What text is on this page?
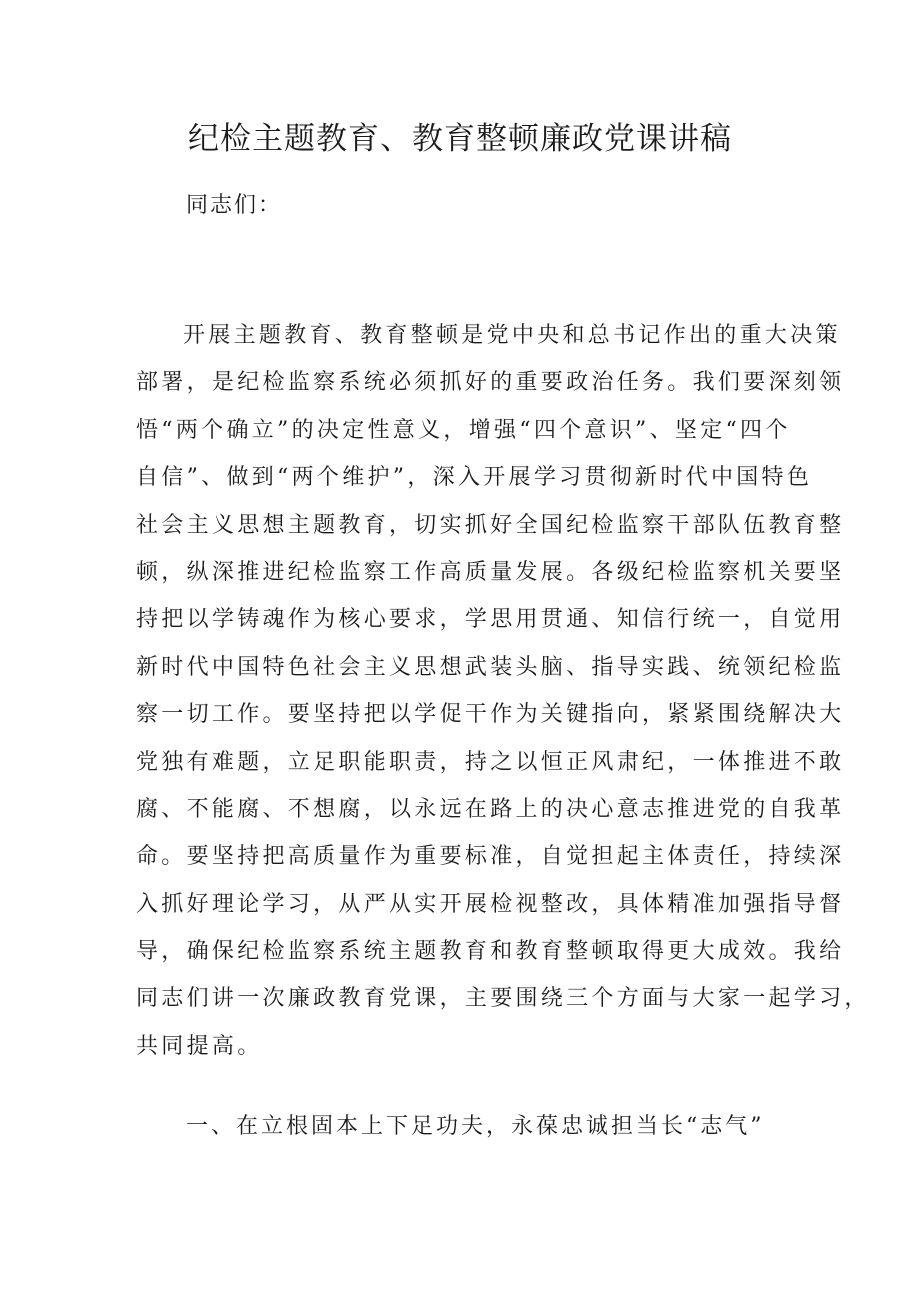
纪检主题教育、教育整顿廉政党课讲稿

同志们：

开展主题教育、教育整顿是党中央和总书记作出的重大决策
部署，是纪检监察系统必须抓好的重要政治任务。我们要深刻领
悟“两个确立”的决定性意义，增强“四个意识”、坚定“四个
自信”、做到“两个维护”，深入开展学习贯彻新时代中国特色
社会主义思想主题教育，切实抓好全国纪检监察干部队伍教育整
顿，纵深推进纪检监察工作高质量发展。各级纪检监察机关要坚
持把以学铸魂作为核心要求，学思用贯通、知信行统一，自觉用
新时代中国特色社会主义思想武装头脑、指导实践、统领纪检监
察一切工作。要坚持把以学促干作为关键指向，紧紧围绕解决大
党独有难题，立足职能职责，持之以恒正风肃纪，一体推进不敢
腐、不能腐、不想腐，以永远在路上的决心意志推进党的自我革
命。要坚持把高质量作为重要标准，自觉担起主体责任，持续深
入抓好理论学习，从严从实开展检视整改，具体精准加强指导督
导，确保纪检监察系统主题教育和教育整顿取得更大成效。我给
同志们讲一次廉政教育党课，主要围绕三个方面与大家一起学习，
共同提高。
一、在立根固本上下足功夫，永葆忠诚担当长“志气”
